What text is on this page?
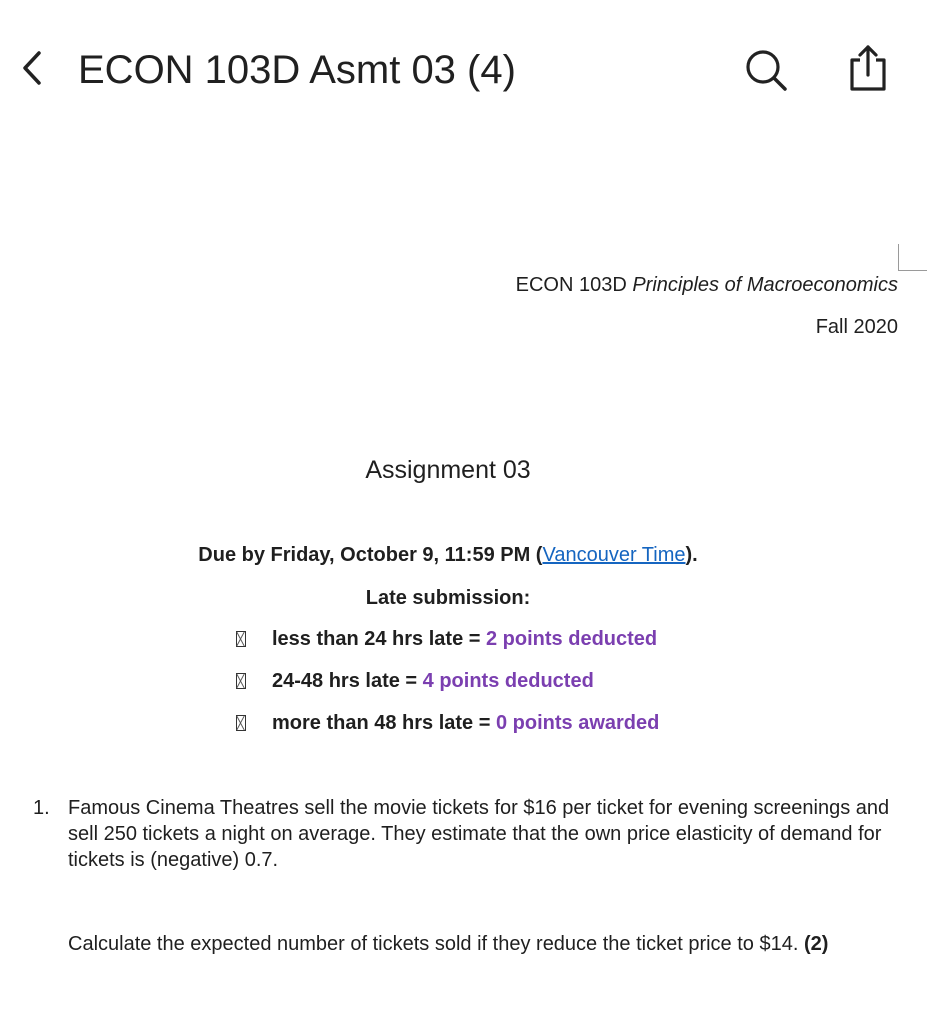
ECON 103D Asmt 03 (4)
ECON 103D Principles of Macroeconomics
Fall 2020
Assignment 03
Due by Friday, October 9, 11:59 PM (Vancouver Time).
Late submission:
less than 24 hrs late =
2 points deducted
24-48 hrs late =
4 points deducted
more than 48 hrs late =
0 points awarded
1. Famous Cinema Theatres sell the movie tickets for $16 per ticket for evening screenings and sell 250 tickets a night on average. They estimate that the own price elasticity of demand for tickets is (negative) 0.7.
Calculate the expected number of tickets sold if they reduce the ticket price to $14. (2)
